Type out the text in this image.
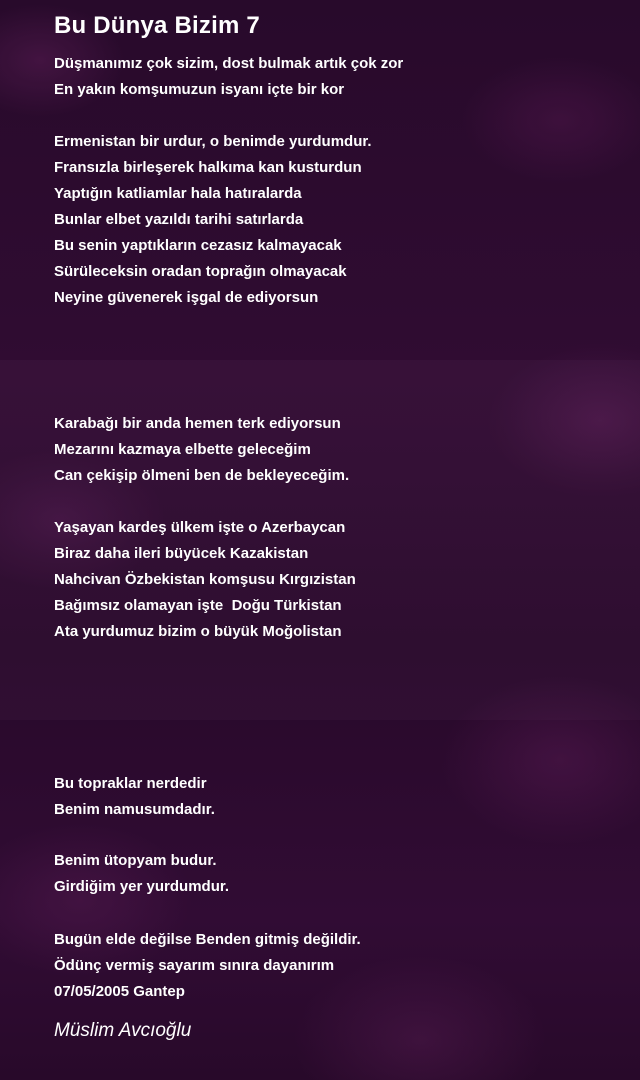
Bu Dünya Bizim 7
Düşmanımız çok sizim, dost bulmak artık çok zor
En yakın komşumuzun isyanı içte bir kor
Ermenistan bir urdur, o benimde yurdumdur.
Fransızla birleşerek halkıma kan kusturdun
Yaptığın katliamlar hala hatıralarda
Bunlar elbet yazıldı tarihi satırlarda
Bu senin yaptıkların cezasız kalmayacak
Sürüleceksin oradan toprağın olmayacak
Neyine güvenerek işgal de ediyorsun
Karabağı bir anda hemen terk ediyorsun
Mezarını kazmaya elbette geleceğim
Can çekişip ölmeni ben de bekleyeceğim.
Yaşayan kardeş ülkem işte o Azerbaycan
Biraz daha ileri büyücek Kazakistan
Nahcivan Özbekistan komşusu Kırgızistan
Bağımsız olamayan işte  Doğu Türkistan
Ata yurdumuz bizim o büyük Moğolistan
Bu topraklar nerdedir
Benim namusumdadır.
Benim ütopyam budur.
Girdiğim yer yurdumdur.
Bugün elde değilse Benden gitmiş değildir.
Ödünç vermiş sayarım sınıra dayanırım
07/05/2005 Gantep

Müslim Avcıoğlu
